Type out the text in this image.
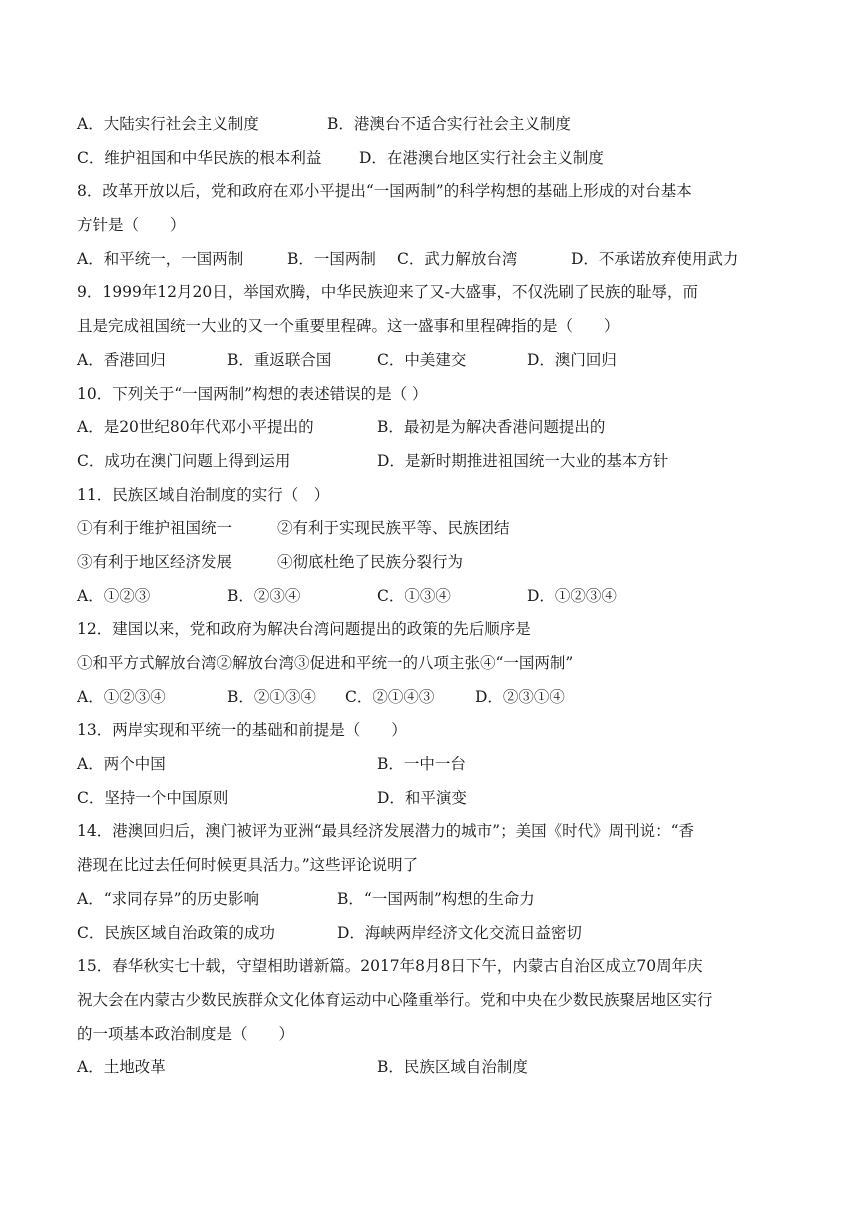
A．大陆实行社会主义制度	B．港澳台不适合实行社会主义制度
C．维护祖国和中华民族的根本利益 D．在港澳台地区实行社会主义制度
8．改革开放以后，党和政府在邓小平提出“一国两制”的科学构想的基础上形成的对台基本
方针是（　　）
A．和平统一，一国两制	B．一国两制 C．武力解放台湾	D．不承诺放弃使用武力
9．1999年12月20日，举国欢腾，中华民族迎来了又-大盛事，不仅洗刷了民族的耻辱，而
且是完成祖国统一大业的又一个重要里程碑。这一盛事和里程碑指的是（　　）
A．香港回归	B．重返联合国	C．中美建交	D．澳门回归
10．下列关于“一国两制”构想的表述错误的是（ ）
A．是20世纪80年代邓小平提出的	B．最初是为解决香港问题提出的
C．成功在澳门问题上得到运用	D．是新时期推进祖国统一大业的基本方针
11．民族区域自治制度的实行（　）
①有利于维护祖国统一	②有利于实现民族平等、民族团结
③有利于地区经济发展	④彻底杜绝了民族分裂行为
A．①②③	B．②③④	C．①③④	D．①②③④
12．建国以来，党和政府为解决台湾问题提出的政策的先后顺序是
①和平方式解放台湾②解放台湾③促进和平统一的八项主张④“一国两制”
A．①②③④	B．②①③④ C．②①④③	D．②③①④
13．两岸实现和平统一的基础和前提是（　　）
A．两个中国	B．一中一台
C．坚持一个中国原则	D．和平演变
14．港澳回归后，澳门被评为亚洲“最具经济发展潜力的城市”；美国《时代》周刊说：“香
港现在比过去任何时候更具活力。”这些评论说明了
A．“求同存异”的历史影响	B．“一国两制”构想的生命力
C．民族区域自治政策的成功	D．海峡两岸经济文化交流日益密切
15．春华秋实七十载，守望相助谱新篇。2017年8月8日下午，内蒙古自治区成立70周年庆
祝大会在内蒙古少数民族群众文化体育运动中心隆重举行。党和中央在少数民族聚居地区实行
的一项基本政治制度是（　　）
A．土地改革	B．民族区域自治制度
